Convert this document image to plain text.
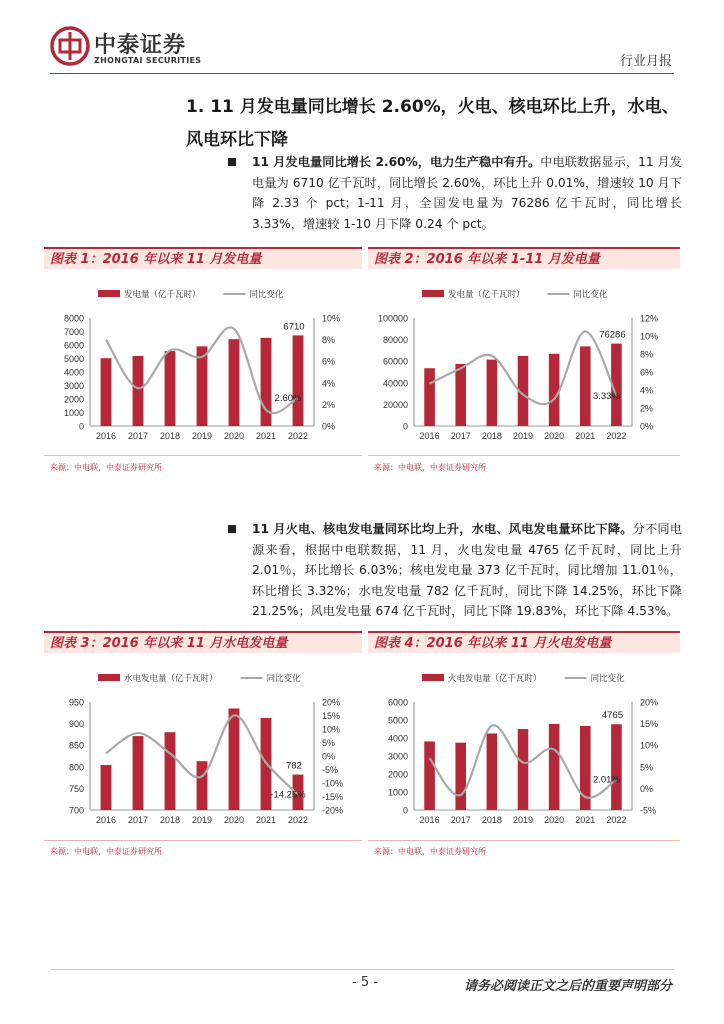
中泰证券
ZHONGTAI SECURITIES	行业月报
1. 11 月发电量同比增长 2.60%，火电、核电环比上升，水电、风电环比下降
11 月发电量同比增长 2.60%，电力生产稳中有升。中电联数据显示，11 月发电量为 6710 亿千瓦时，同比增长 2.60%，环比上升 0.01%，增速较 10 月下降 2.33 个 pct；1-11 月，全国发电量为 76286 亿千瓦时，同比增长 3.33%，增速较 1-10 月下降 0.24 个 pct。
图表 1：2016 年以来 11 月发电量	图表 2：2016 年以来 1-11 月发电量
发电量（亿千瓦时）	同比变化
0
1000
2000
3000
4000
5000
6000
7000
8000
0%
2%
4%
6%
8%
10%
2016 2017 2018 2019 2020 2021 2022
6710
2.60%
发电量（亿千瓦时）	同比变化
0
20000
40000
60000
80000
100000
0%
2%
4%
6%
8%
10%
12%
2016 2017 2018 2019 2020 2021 2022
76286
3.33%
来源：中电联，中泰证券研究所	来源：中电联，中泰证券研究所
11 月火电、核电发电量同环比均上升，水电、风电发电量环比下降。分不同电源来看，根据中电联数据，11 月，火电发电量 4765 亿千瓦时，同比上升 2.01％，环比增长 6.03%；核电发电量 373 亿千瓦时，同比增加 11.01％，环比增长 3.32%；水电发电量 782 亿千瓦时，同比下降 14.25%，环比下降 21.25%；风电发电量 674 亿千瓦时，同比下降 19.83%，环比下降 4.53%。
图表 3：2016 年以来 11 月水电发电量	图表 4：2016 年以来 11 月火电发电量
水电发电量（亿千瓦时）	同比变化
700
750
800
850
900
950
-20%
-15%
-10%
-5%
0%
5%
10%
15%
20%
2016 2017 2018 2019 2020 2021 2022
782
-14.25%
火电发电量（亿千瓦时）	同比变化
0
1000
2000
3000
4000
5000
6000
-5%
0%
5%
10%
15%
20%
2016 2017 2018 2019 2020 2021 2022
4765
2.01%
来源：中电联，中泰证券研究所	来源：中电联，中泰证券研究所
- 5 -	请务必阅读正文之后的重要声明部分
